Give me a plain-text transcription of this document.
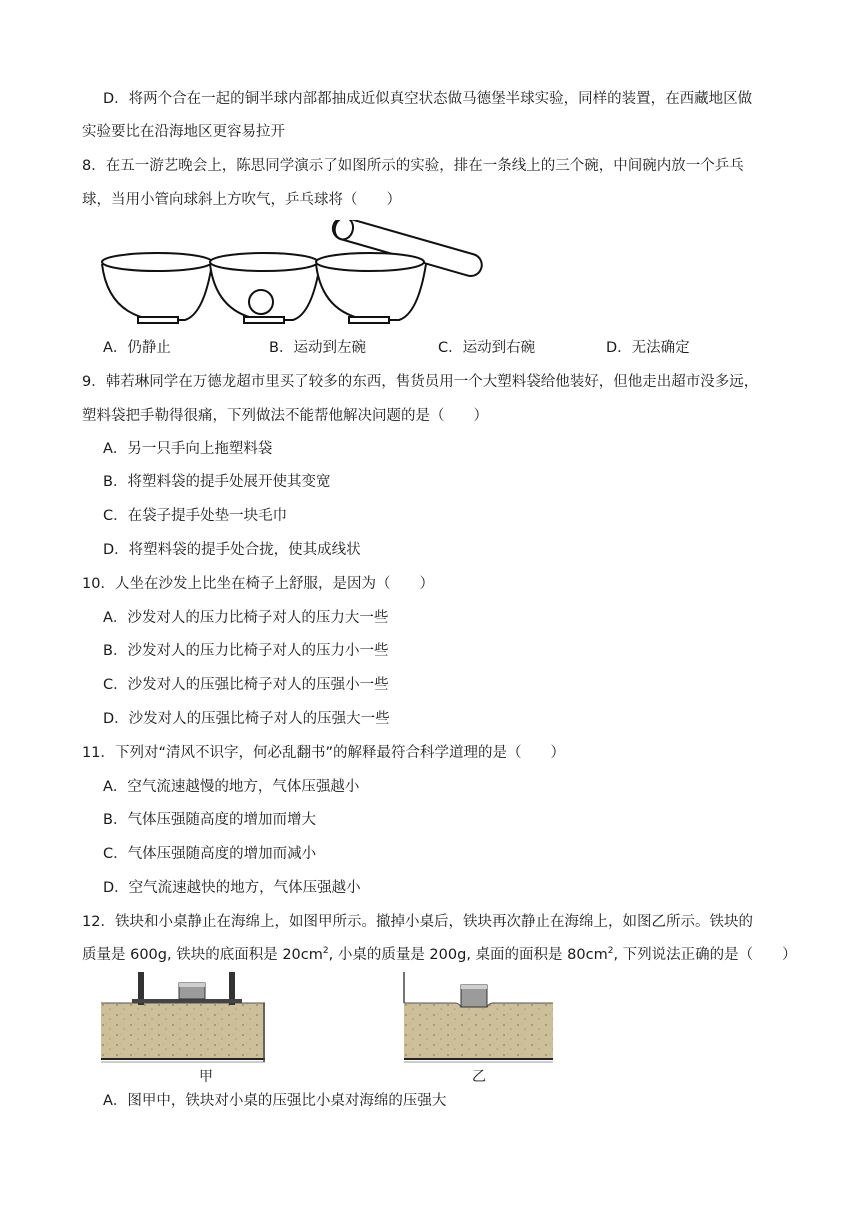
D．将两个合在一起的铜半球内部都抽成近似真空状态做马德堡半球实验，同样的装置，在西藏地区做
实验要比在沿海地区更容易拉开
8．在五一游艺晚会上，陈思同学演示了如图所示的实验，排在一条线上的三个碗，中间碗内放一个乒乓
球，当用小管向球斜上方吹气，乒乓球将（　　）
A．仍静止	B．运动到左碗	C．运动到右碗	D．无法确定
9．韩若琳同学在万德龙超市里买了较多的东西，售货员用一个大塑料袋给他装好，但他走出超市没多远，
塑料袋把手勒得很痛，下列做法不能帮他解决问题的是（　　）
A．另一只手向上拖塑料袋
B．将塑料袋的提手处展开使其变宽
C．在袋子提手处垫一块毛巾
D．将塑料袋的提手处合拢，使其成线状
10．人坐在沙发上比坐在椅子上舒服，是因为（　　）
A．沙发对人的压力比椅子对人的压力大一些
B．沙发对人的压力比椅子对人的压力小一些
C．沙发对人的压强比椅子对人的压强小一些
D．沙发对人的压强比椅子对人的压强大一些
11．下列对“清风不识字，何必乱翻书”的解释最符合科学道理的是（　　）
A．空气流速越慢的地方，气体压强越小
B．气体压强随高度的增加而增大
C．气体压强随高度的增加而减小
D．空气流速越快的地方，气体压强越小
12．铁块和小桌静止在海绵上，如图甲所示。撤掉小桌后，铁块再次静止在海绵上，如图乙所示。铁块的
质量是 600g, 铁块的底面积是 $20cm^2$, 小桌的质量是 200g, 桌面的面积是 $80cm^2$, 下列说法正确的是（　　）
甲	乙
A．图甲中，铁块对小桌的压强比小桌对海绵的压强大
